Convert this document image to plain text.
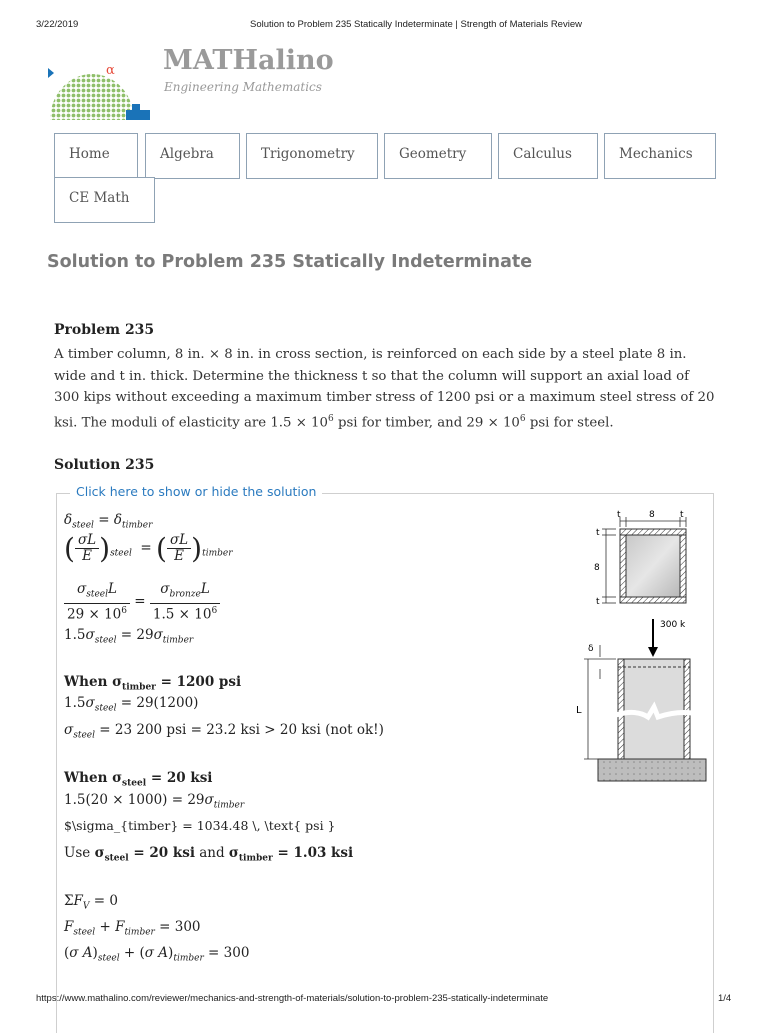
3/22/2019	Solution to Problem 235 Statically Indeterminate | Strength of Materials Review
α MATHalino
Engineering Mathematics
Home	Algebra	Trigonometry	Geometry	Calculus	Mechanics
CE Math
Solution to Problem 235 Statically Indeterminate
Problem 235
A timber column, 8 in. × 8 in. in cross section, is reinforced on each side by a steel plate 8 in. wide and t in. thick. Determine the thickness t so that the column will support an axial load of 300 kips without exceeding a maximum timber stress of 1200 psi or a maximum steel stress of 20 ksi. The moduli of elasticity are $1.5 \times 10^6$ psi for timber, and $29 \times 10^6$ psi for steel.
Solution 235
Click here to show or hide the solution
$\delta_{steel} = \delta_{timber}$
( $\frac{\sigma L}{E} )_{steel}$  = ( $\frac{\sigma L}{E} )_{timber}$
$\frac{\sigma_{steel}L}{29 \times 10^6} = \frac{\sigma_{bronze}L}{1.5 \times 10^6}$
$1.5\sigma_{steel} = 29\sigma_{timber}$
When $\sigma_{timber} = 1200$ psi
$1.5\sigma_{steel} = 29(1200)$
$\sigma_{steel} = 23$ 200 psi = 23.2 ksi > 20 ksi (not ok!)
When $\sigma_{steel} = 20$ ksi
$1.5(20 \times 1000) = 29\sigma_{timber}$
$\sigma_{timber} = 1034.48 \, \text{ psi }
Use $\sigma_{steel} = 20$ ksi and $\sigma_{timber} = 1.03$ ksi
$\Sigma F_V = 0$
$F_{steel} + F_{timber} = 300$
(σ $A)_{steel} + (\sigma$ $A)_{timber} = 300$
t	8	t
t
8
t
300 k
δ
L
https://www.mathalino.com/reviewer/mechanics-and-strength-of-materials/solution-to-problem-235-statically-indeterminate	1/4
